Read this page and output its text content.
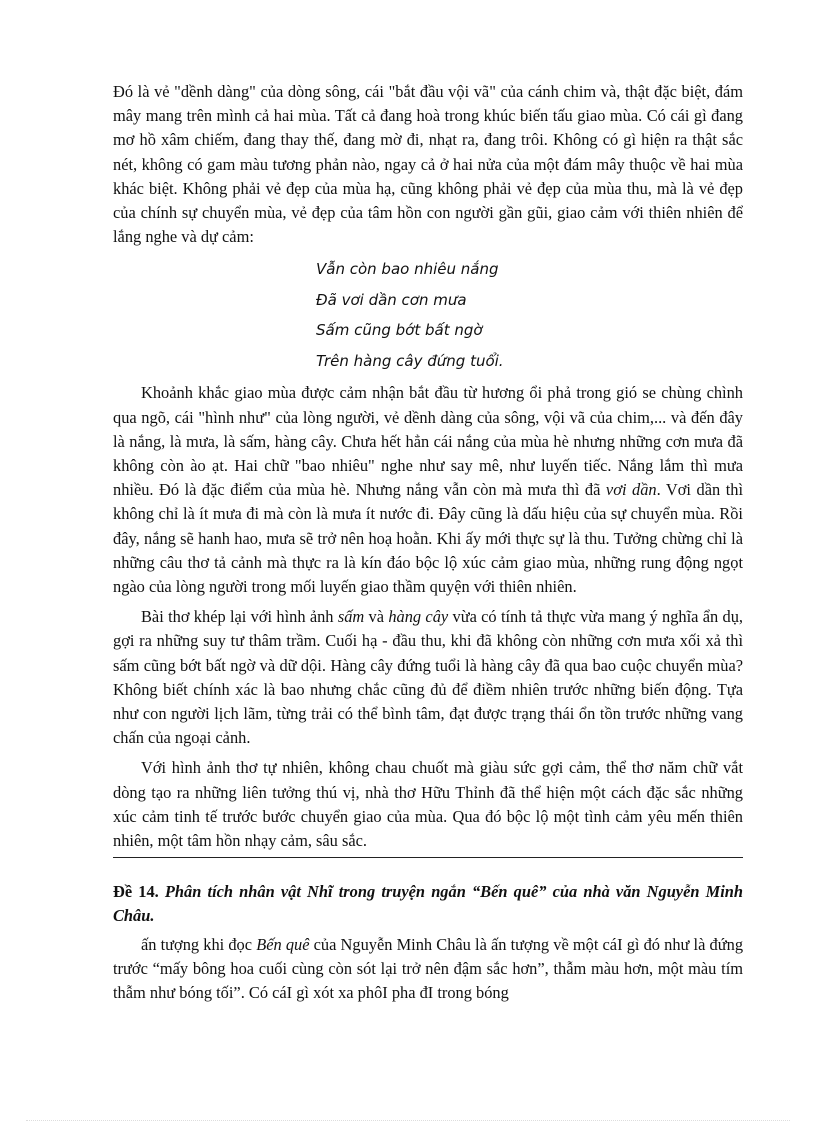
Đó là vẻ "dềnh dàng" của dòng sông, cái "bắt đầu vội vã" của cánh chim và, thật đặc biệt, đám mây mang trên mình cả hai mùa. Tất cả đang hoà trong khúc biến tấu giao mùa. Có cái gì đang mơ hồ xâm chiếm, đang thay thế, đang mờ đi, nhạt ra, đang trôi. Không có gì hiện ra thật sắc nét, không có gam màu tương phản nào, ngay cả ở hai nửa của một đám mây thuộc về hai mùa khác biệt. Không phải vẻ đẹp của mùa hạ, cũng không phải vẻ đẹp của mùa thu, mà là vẻ đẹp của chính sự chuyển mùa, vẻ đẹp của tâm hồn con người gần gũi, giao cảm với thiên nhiên để lắng nghe và dự cảm:

Vẫn còn bao nhiêu nắng
Đã vơi dần cơn mưa
Sấm cũng bớt bất ngờ
Trên hàng cây đứng tuổi.

Khoảnh khắc giao mùa được cảm nhận bắt đầu từ hương ổi phả trong gió se chùng chình qua ngõ, cái "hình như" của lòng người, vẻ dềnh dàng của sông, vội vã của chim,... và đến đây là nắng, là mưa, là sấm, hàng cây. Chưa hết hẳn cái nắng của mùa hè nhưng những cơn mưa đã không còn ào ạt. Hai chữ "bao nhiêu" nghe như say mê, như luyến tiếc. Nắng lắm thì mưa nhiều. Đó là đặc điểm của mùa hè. Nhưng nắng vẫn còn mà mưa thì đã vơi dần. Vơi dần thì không chỉ là ít mưa đi mà còn là mưa ít nước đi. Đây cũng là dấu hiệu của sự chuyển mùa. Rồi đây, nắng sẽ hanh hao, mưa sẽ trở nên hoạ hoằn. Khi ấy mới thực sự là thu. Tưởng chừng chỉ là những câu thơ tả cảnh mà thực ra là kín đáo bộc lộ xúc cảm giao mùa, những rung động ngọt ngào của lòng người trong mối luyến giao thầm quyện với thiên nhiên.

Bài thơ khép lại với hình ảnh sấm và hàng cây vừa có tính tả thực vừa mang ý nghĩa ẩn dụ, gợi ra những suy tư thâm trầm. Cuối hạ - đầu thu, khi đã không còn những cơn mưa xối xả thì sấm cũng bớt bất ngờ và dữ dội. Hàng cây đứng tuổi là hàng cây đã qua bao cuộc chuyển mùa? Không biết chính xác là bao nhưng chắc cũng đủ để điềm nhiên trước những biến động. Tựa như con người lịch lãm, từng trải có thể bình tâm, đạt được trạng thái ổn tồn trước những vang chấn của ngoại cảnh.

Với hình ảnh thơ tự nhiên, không chau chuốt mà giàu sức gợi cảm, thể thơ năm chữ vắt dòng tạo ra những liên tưởng thú vị, nhà thơ Hữu Thỉnh đã thể hiện một cách đặc sắc những xúc cảm tinh tế trước bước chuyển giao của mùa. Qua đó bộc lộ một tình cảm yêu mến thiên nhiên, một tâm hồn nhạy cảm, sâu sắc.

Đề 14. Phân tích nhân vật Nhĩ trong truyện ngắn “Bến quê” của nhà văn Nguyễn Minh Châu.

ấn tượng khi đọc Bến quê của Nguyễn Minh Châu là ấn tượng về một cáI gì đó như là đứng trước “mấy bông hoa cuối cùng còn sót lại trở nên đậm sắc hơn”, thẫm màu hơn, một màu tím thẫm như bóng tối”. Có cáI gì xót xa phôI pha đI trong bóng
